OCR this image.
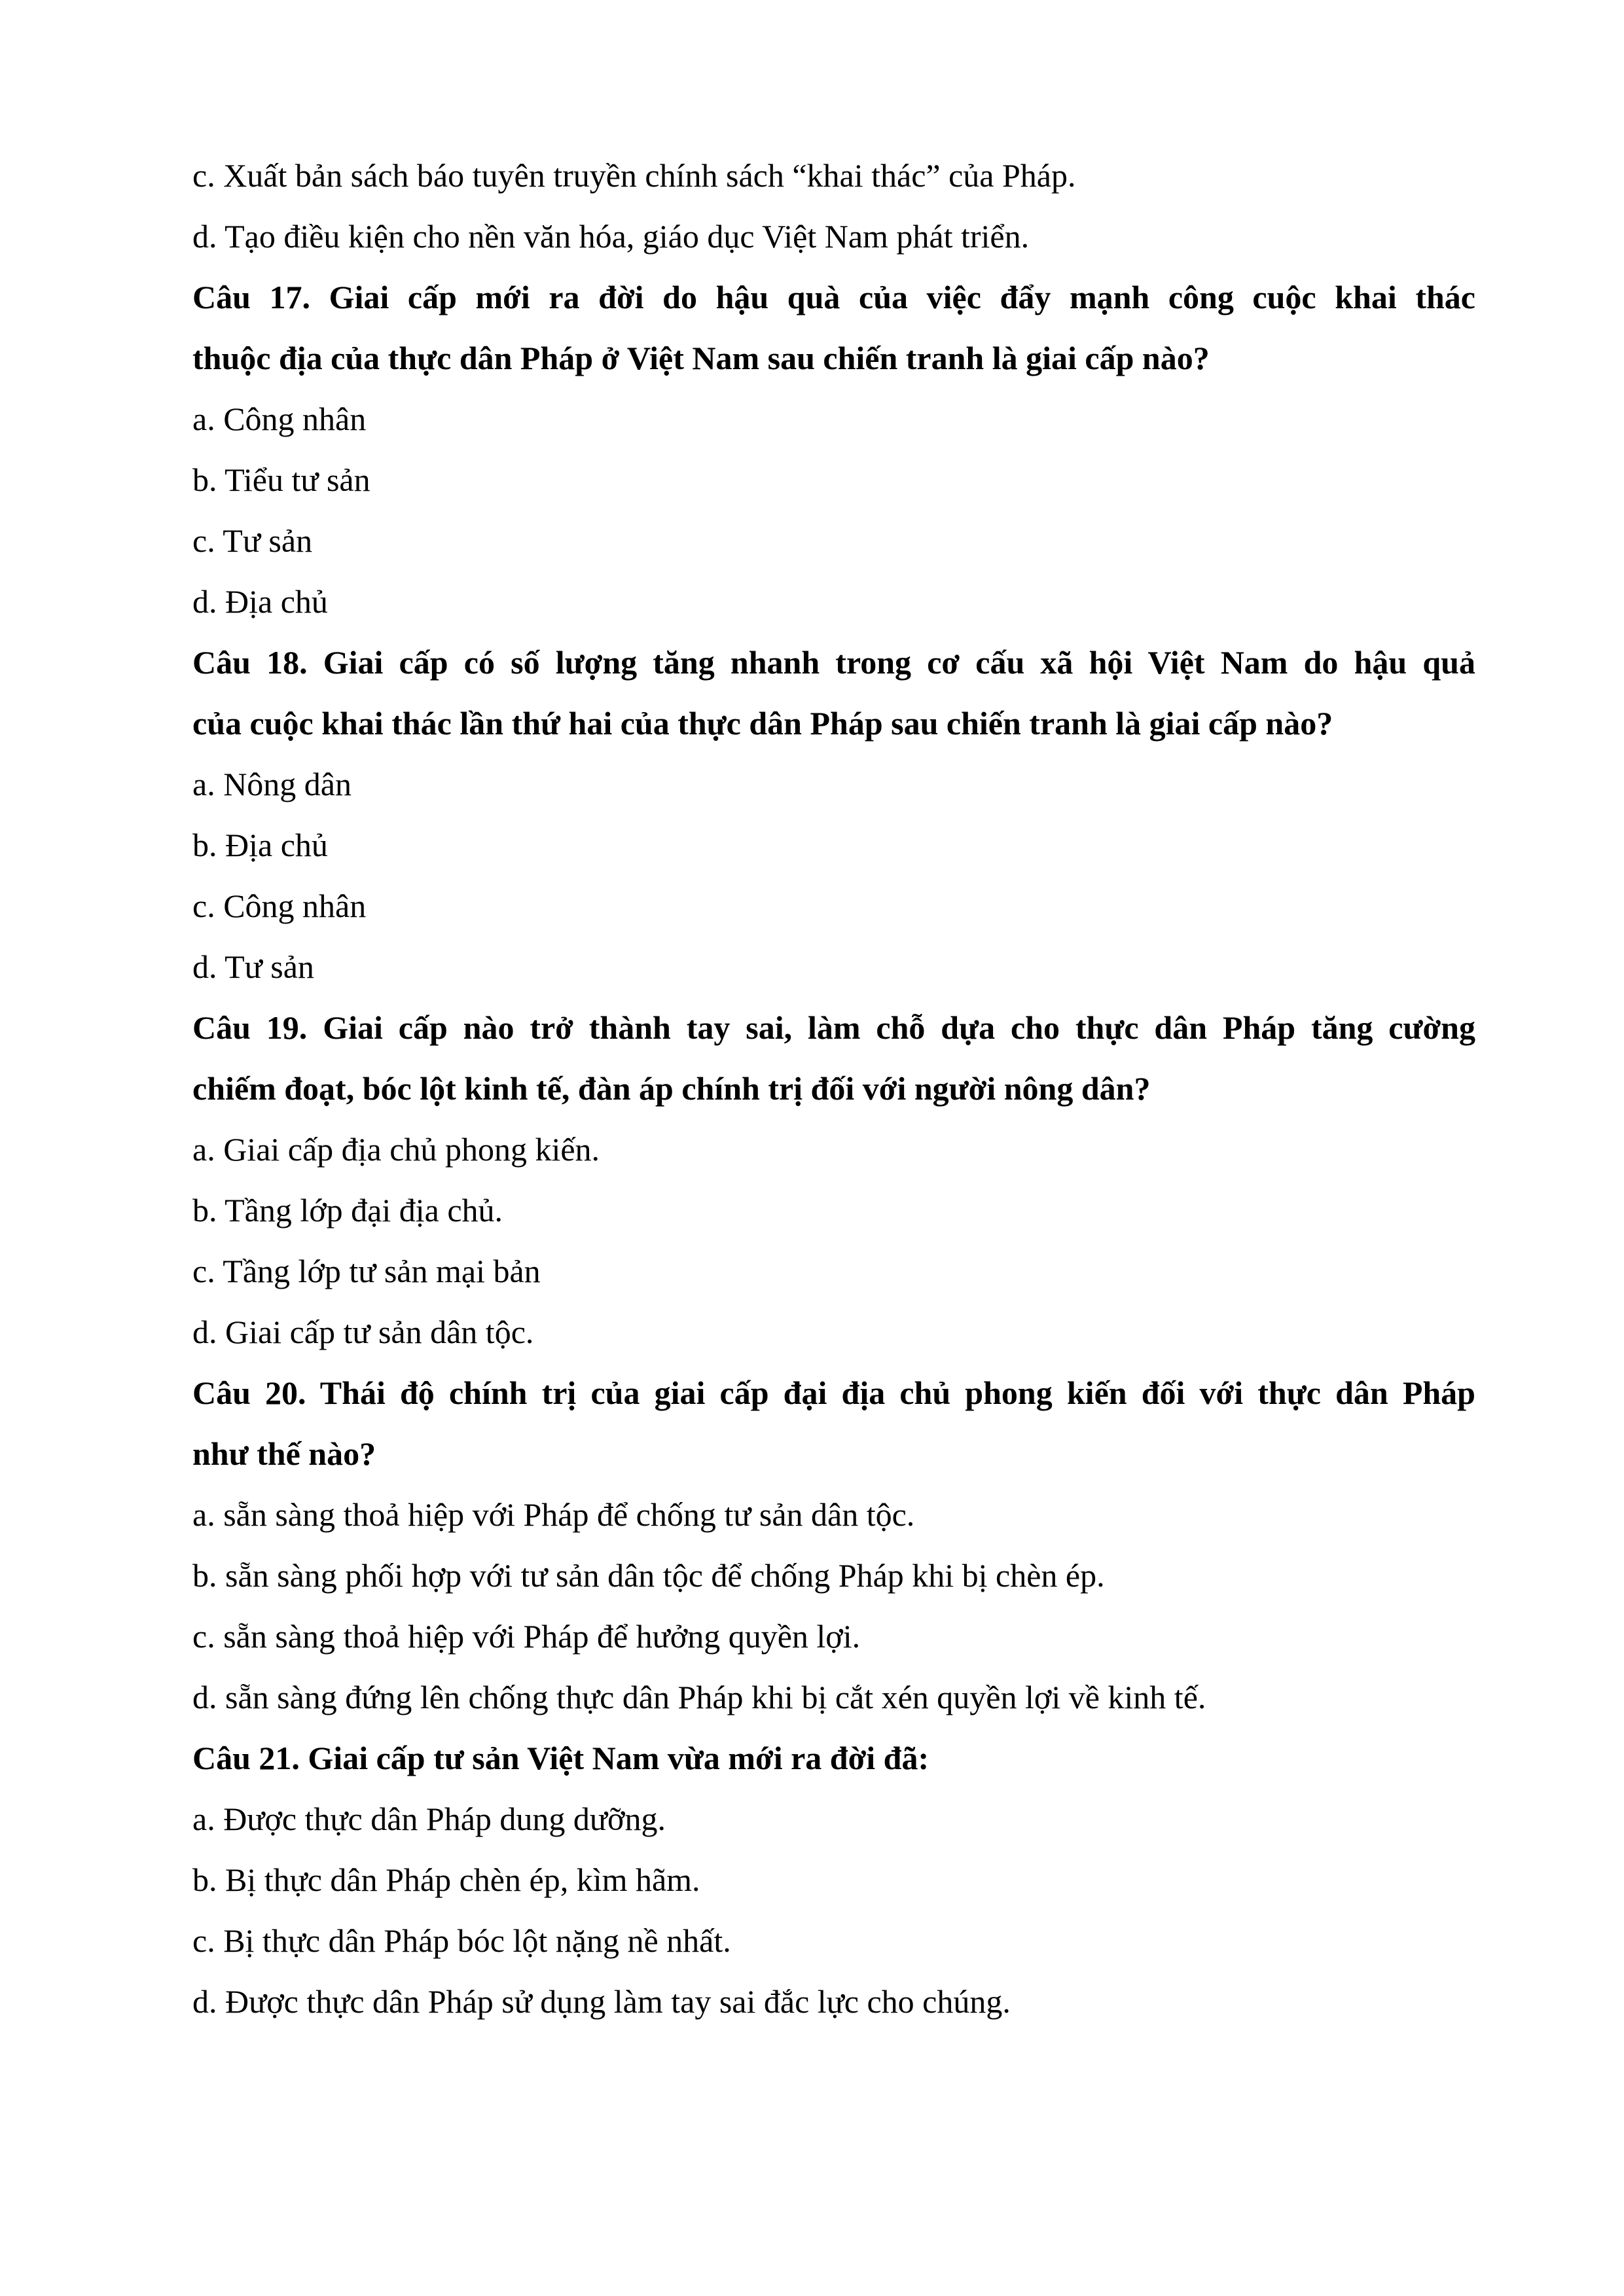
c. Xuất bản sách báo tuyên truyền chính sách “khai thác” của Pháp.

d. Tạo điều kiện cho nền văn hóa, giáo dục Việt Nam phát triển.

Câu 17. Giai cấp mới ra đời do hậu quà của việc đẩy mạnh công cuộc khai thác

thuộc địa của thực dân Pháp ở Việt Nam sau chiến tranh là giai cấp nào?

a. Công nhân

b. Tiểu tư sản

c. Tư sản

d. Địa chủ

Câu 18. Giai cấp có số lượng tăng nhanh trong cơ cấu xã hội Việt Nam do hậu quả

của cuộc khai thác lần thứ hai của thực dân Pháp sau chiến tranh là giai cấp nào?

a. Nông dân

b. Địa chủ

c. Công nhân

d. Tư sản

Câu 19. Giai cấp nào trở thành tay sai, làm chỗ dựa cho thực dân Pháp tăng cường

chiếm đoạt, bóc lột kinh tế, đàn áp chính trị đối với người nông dân?

a. Giai cấp địa chủ phong kiến.

b. Tầng lớp đại địa chủ.

c. Tầng lớp tư sản mại bản

d. Giai cấp tư sản dân tộc.

Câu 20. Thái độ chính trị của giai cấp đại địa chủ phong kiến đối với thực dân Pháp

như thế nào?

a. sẵn sàng thoả hiệp với Pháp để chống tư sản dân tộc.

b. sẵn sàng phối hợp với tư sản dân tộc để chống Pháp khi bị chèn ép.

c. sẵn sàng thoả hiệp với Pháp để hưởng quyền lợi.

d. sẵn sàng đứng lên chống thực dân Pháp khi bị cắt xén quyền lợi về kinh tế.

Câu 21. Giai cấp tư sản Việt Nam vừa mới ra đời đã:

a. Được thực dân Pháp dung dưỡng.

b. Bị thực dân Pháp chèn ép, kìm hãm.

c. Bị thực dân Pháp bóc lột nặng nề nhất.

d. Được thực dân Pháp sử dụng làm tay sai đắc lực cho chúng.
